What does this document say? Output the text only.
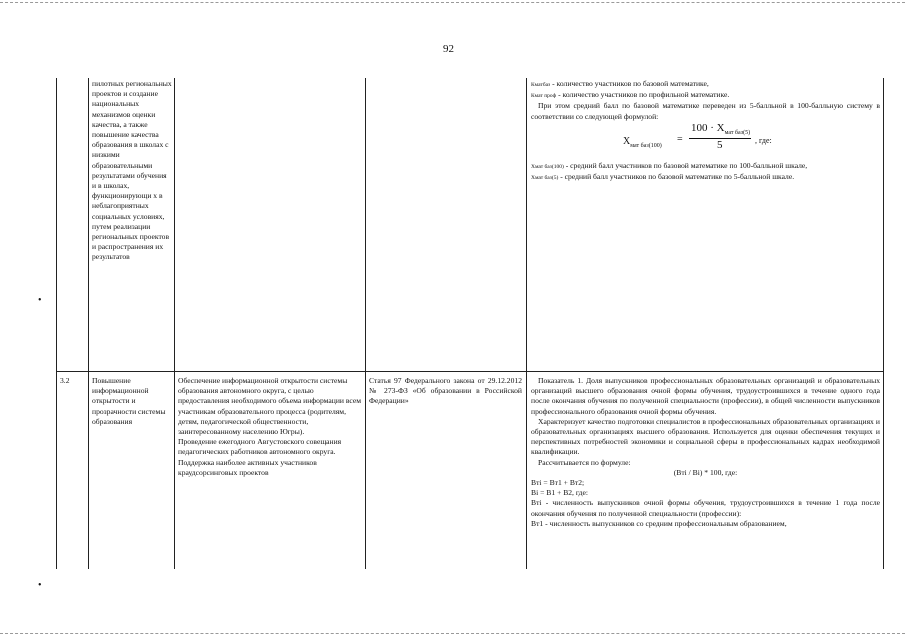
92
•
•
пилотных региональных проектов и создание национальных механизмов оценки качества, а также повышение качества образования в школах с низкими образовательными результатами обучения и в школах, функционирующи х в неблагоприятных социальных условиях, путем реализации региональных проектов и распространения их результатов

Кматбаз - количество участников по базовой математике,

Кмат проф - количество участников по профильной математике.

При этом средний балл по базовой математике переведен из 5-балльной в 100-балльную систему в соответствии со следующей формулой:

$X_{мат баз(100)}$
=
$100 \cdot X_{мат баз(5)}$
5	, где:

Хмат баз(100) - средний балл участников по базовой математике по 100-балльной шкале,

Хмат баз(5) - средний балл участников по базовой математике по 5-балльной шкале.

3.2	Повышение информационной открытости и прозрачности системы образования

Обеспечение информационной открытости системы образования автономного округа, с целью предоставления необходимого объема информации всем участникам образовательного процесса (родителям, детям, педагогической общественности, заинтересованному населению Югры).

Проведение ежегодного Августовского совещания педагогических работников автономного округа.

Поддержка наиболее активных участников краудсорсинговых проектов

Статья 97 Федерального закона от 29.12.2012 № 273-ФЗ «Об образовании в Российской Федерации»

Показатель 1. Доля выпускников профессиональных образовательных организаций и образовательных организаций высшего образования очной формы обучения, трудоустроившихся в течение одного года после окончания обучения по полученной специальности (профессии), в общей численности выпускников профессионального образования очной формы обучения.

Характеризует качество подготовки специалистов в профессиональных образовательных организациях и образовательных организациях высшего образования. Используется для оценки обеспечения текущих и перспективных потребностей экономики и социальной сферы в профессиональных кадрах необходимой квалификации.

Рассчитывается по формуле:

(Bтi / Bi) * 100, где:

Bтi = Bт1 + Bт2;

Bi = B1 + B2, где:

Bтi - численность выпускников очной формы обучения, трудоустроившихся в течение 1 года после окончания обучения по полученной специальности (профессии):

Bт1 - численность выпускников со средним профессиональным образованием,
